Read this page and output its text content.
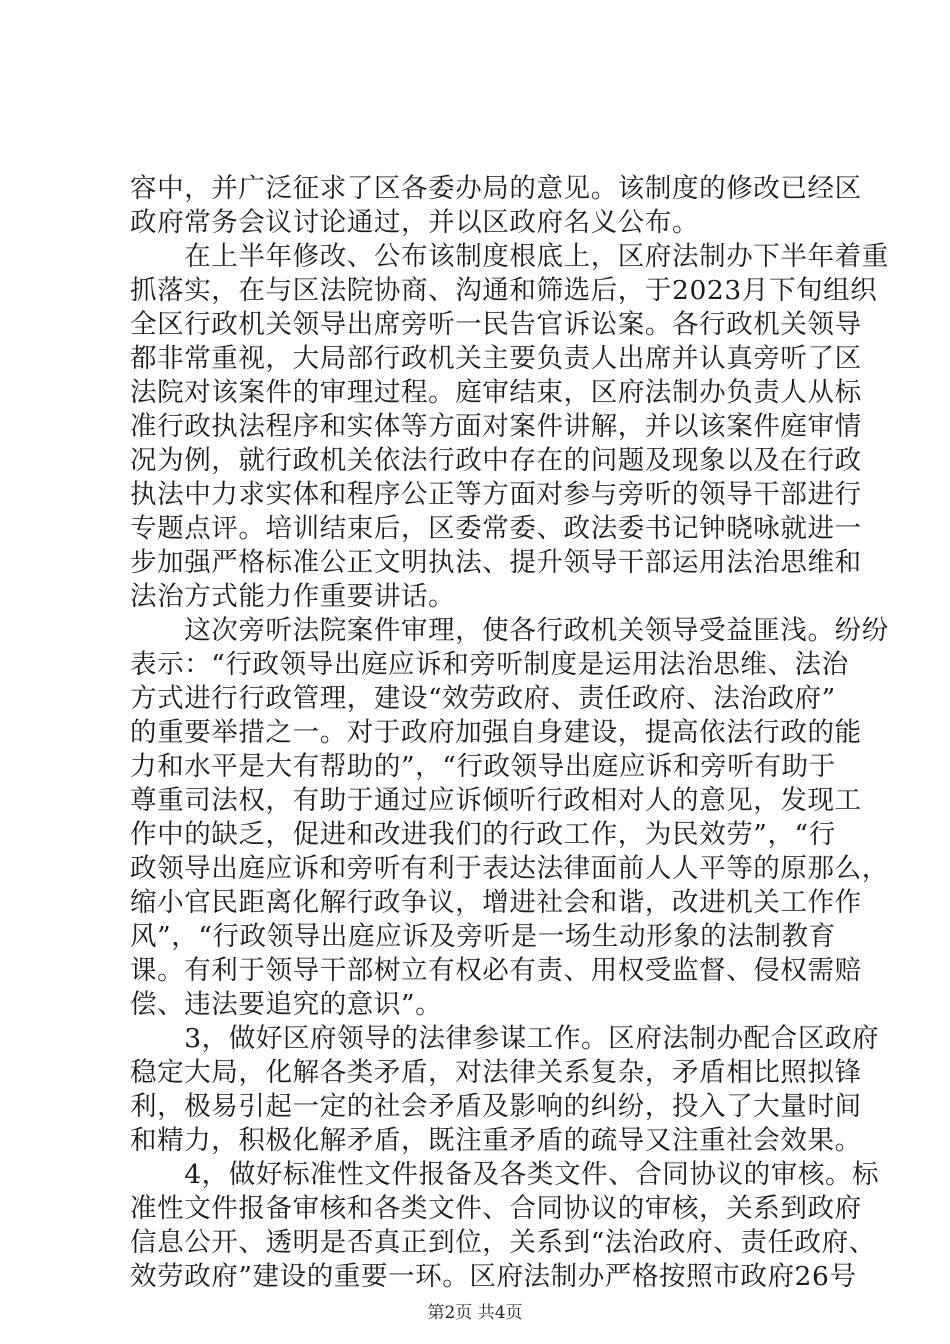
容中，并广泛征求了区各委办局的意见。该制度的修改已经区
政府常务会议讨论通过，并以区政府名义公布。
　　在上半年修改、公布该制度根底上，区府法制办下半年着重
抓落实，在与区法院协商、沟通和筛选后，于2023月下旬组织
全区行政机关领导出席旁听一民告官诉讼案。各行政机关领导
都非常重视，大局部行政机关主要负责人出席并认真旁听了区
法院对该案件的审理过程。庭审结束，区府法制办负责人从标
准行政执法程序和实体等方面对案件讲解，并以该案件庭审情
况为例，就行政机关依法行政中存在的问题及现象以及在行政
执法中力求实体和程序公正等方面对参与旁听的领导干部进行
专题点评。培训结束后，区委常委、政法委书记钟晓咏就进一
步加强严格标准公正文明执法、提升领导干部运用法治思维和
法治方式能力作重要讲话。
　　这次旁听法院案件审理，使各行政机关领导受益匪浅。纷纷
表示：“行政领导出庭应诉和旁听制度是运用法治思维、法治
方式进行行政管理，建设“效劳政府、责任政府、法治政府”
的重要举措之一。对于政府加强自身建设，提高依法行政的能
力和水平是大有帮助的”，“行政领导出庭应诉和旁听有助于
尊重司法权，有助于通过应诉倾听行政相对人的意见，发现工
作中的缺乏，促进和改进我们的行政工作，为民效劳”，“行
政领导出庭应诉和旁听有利于表达法律面前人人平等的原那么，
缩小官民距离化解行政争议，增进社会和谐，改进机关工作作
风”，“行政领导出庭应诉及旁听是一场生动形象的法制教育
课。有利于领导干部树立有权必有责、用权受监督、侵权需赔
偿、违法要追究的意识”。
　　3，做好区府领导的法律参谋工作。区府法制办配合区政府
稳定大局，化解各类矛盾，对法律关系复杂，矛盾相比照拟锋
利，极易引起一定的社会矛盾及影响的纠纷，投入了大量时间
和精力，积极化解矛盾，既注重矛盾的疏导又注重社会效果。
　　4，做好标准性文件报备及各类文件、合同协议的审核。标
准性文件报备审核和各类文件、合同协议的审核，关系到政府
信息公开、透明是否真正到位，关系到“法治政府、责任政府、
效劳政府”建设的重要一环。区府法制办严格按照市政府26号
第2页 共4页
